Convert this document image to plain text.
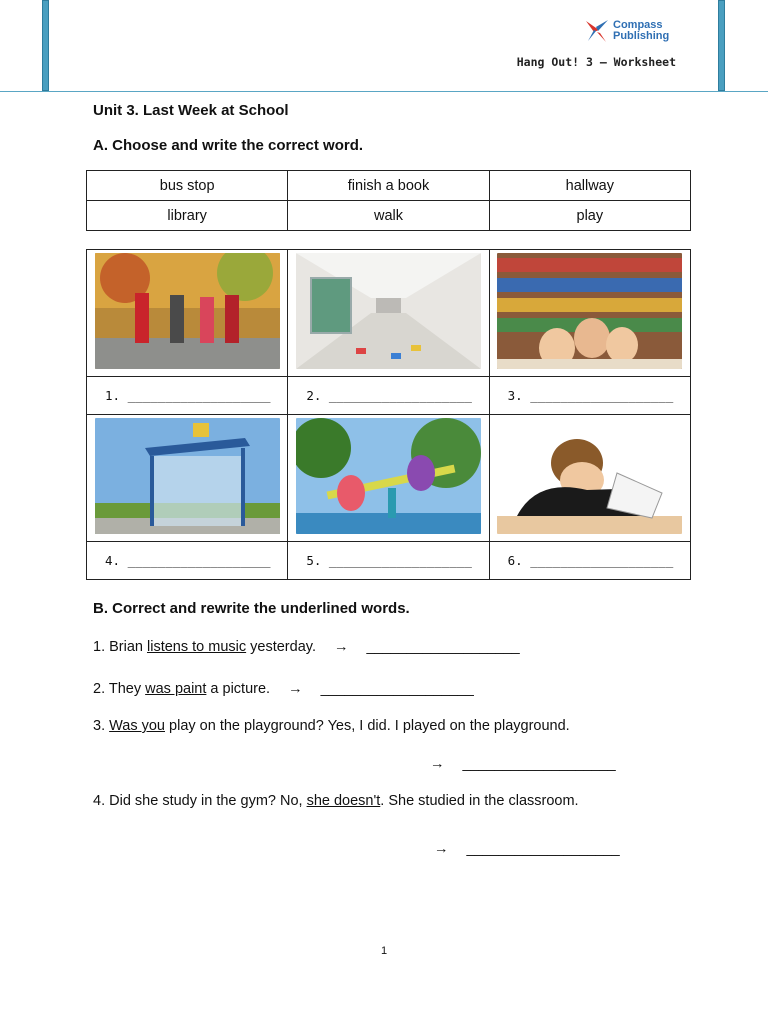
Compass
Publishing
Hang Out! 3 – Worksheet
Unit 3. Last Week at School
A. Choose and write the correct word.
bus stop	finish a book	hallway
library	walk	play

1. ___________________	2. ___________________	3. ___________________

4. ___________________	5. ___________________	6. ___________________
B. Correct and rewrite the underlined words.
1. Brian listens to music yesterday. → ___________________
2. They was paint a picture. → ___________________
3. Was you play on the playground? Yes, I did. I played on the playground.
→ ___________________
4. Did she study in the gym? No, she doesn't. She studied in the classroom.
→ ___________________
1
